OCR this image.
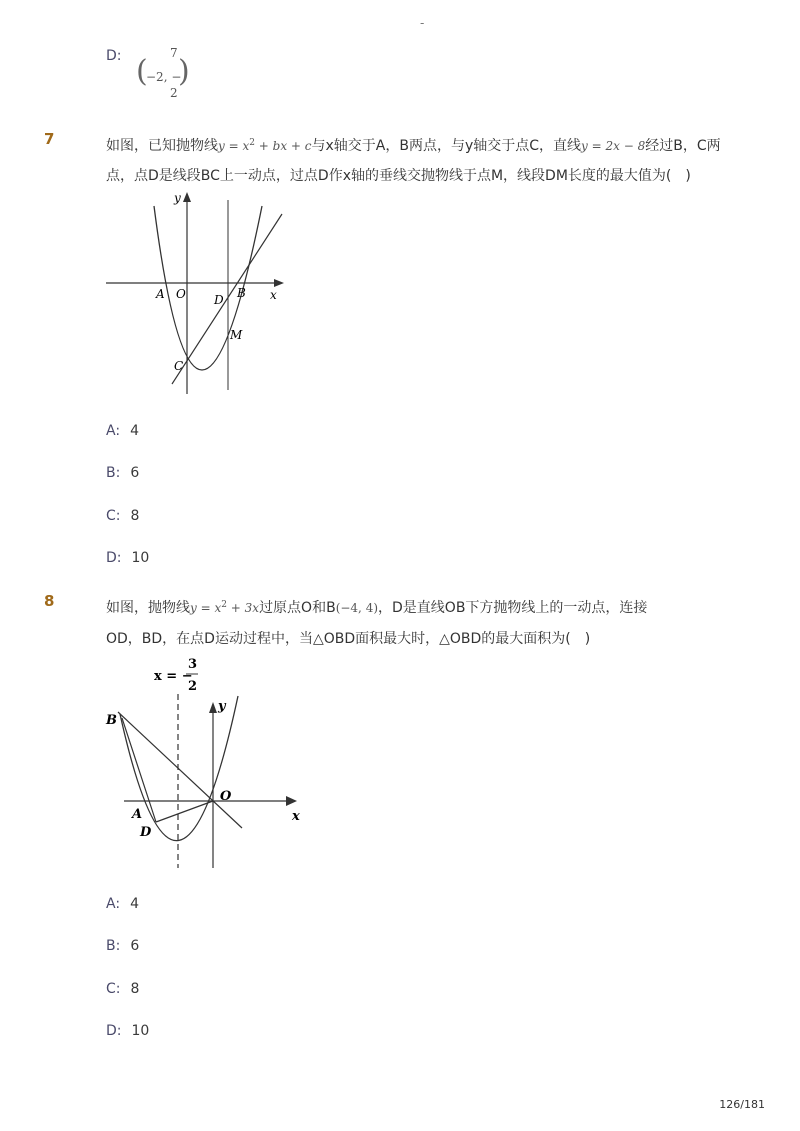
-
D: (
−2, −
7
2
)
7	如图，已知抛物线$y = x^2$ + bx + c与x轴交于A，B两点，与y轴交于点C，直线y = 2x − 8经过B，C两
点，点D是线段BC上一动点，过点D作x轴的垂线交抛物线于点M，线段DM长度的最大值为(　)
y
x
A O	B
D
M
C
A: 4
B: 6
C: 8
D: 10
8	如图，抛物线$y = x^2 + 3x$过原点O和B(−4, 4)，D是直线OB下方抛物线上的一动点，连接
OD，BD，在点D运动过程中，当△OBD面积最大时，△OBD的最大面积为(　)
x = −
3
2
y
x
B
O
A
D
A: 4
B: 6
C: 8
D: 10
126/181
